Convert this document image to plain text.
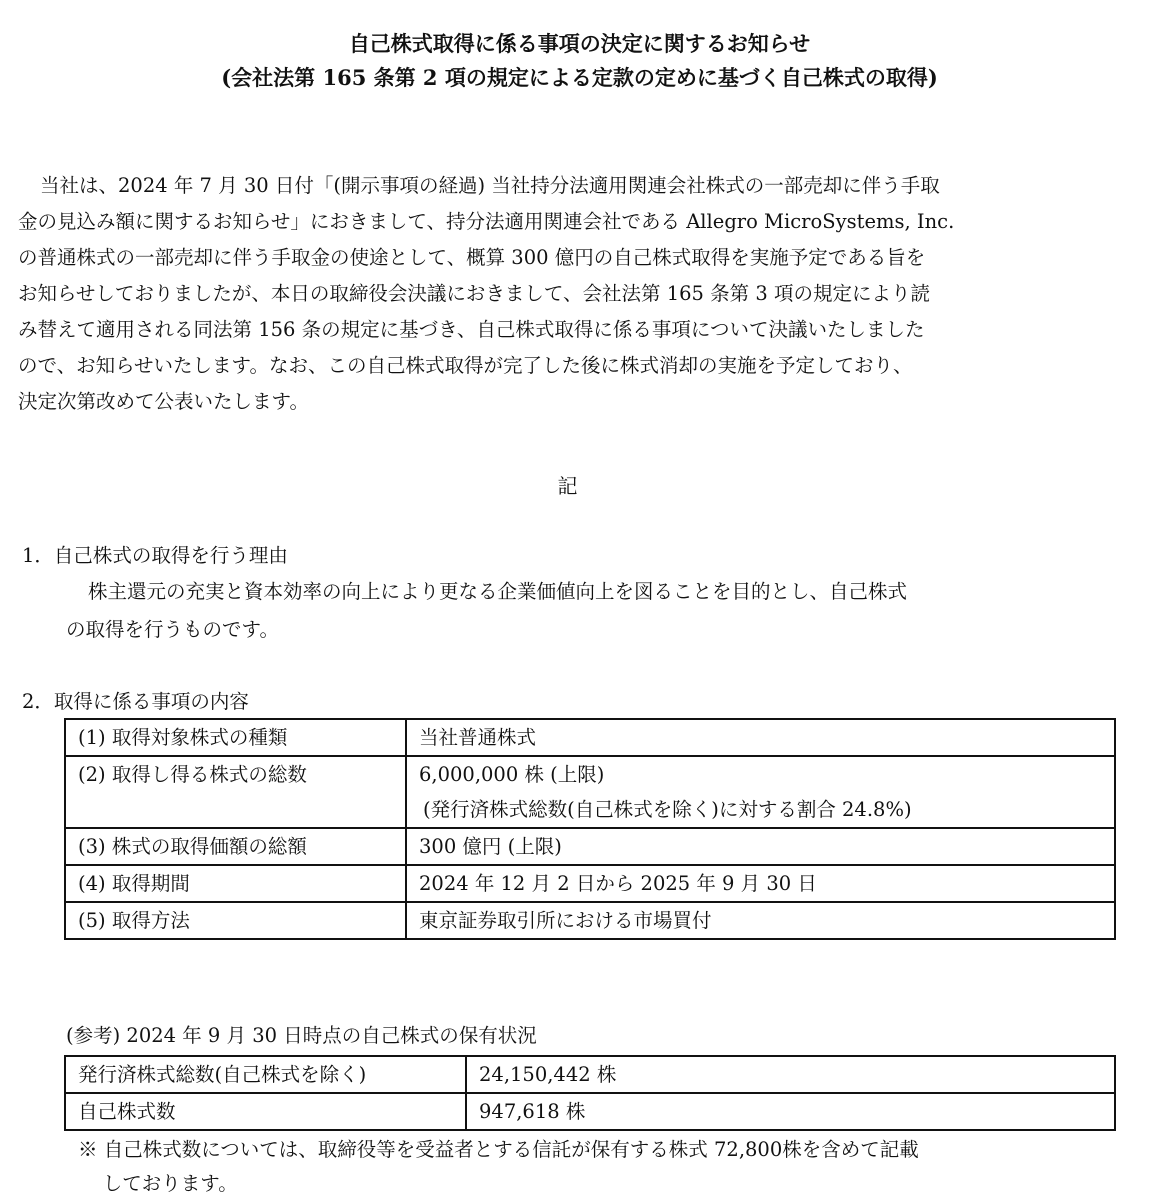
自己株式取得に係る事項の決定に関するお知らせ
(会社法第 165 条第 2 項の規定による定款の定めに基づく自己株式の取得)
当社は、2024 年 7 月 30 日付「(開示事項の経過) 当社持分法適用関連会社株式の一部売却に伴う手取
金の見込み額に関するお知らせ」におきまして、持分法適用関連会社である Allegro MicroSystems, Inc.
の普通株式の一部売却に伴う手取金の使途として、概算 300 億円の自己株式取得を実施予定である旨を
お知らせしておりましたが、本日の取締役会決議におきまして、会社法第 165 条第 3 項の規定により読
み替えて適用される同法第 156 条の規定に基づき、自己株式取得に係る事項について決議いたしました
ので、お知らせいたします。なお、この自己株式取得が完了した後に株式消却の実施を予定しており、
決定次第改めて公表いたします。
記
1．自己株式の取得を行う理由
株主還元の充実と資本効率の向上により更なる企業価値向上を図ることを目的とし、自己株式
の取得を行うものです。
2．取得に係る事項の内容
(1) 取得対象株式の種類	当社普通株式
(2) 取得し得る株式の総数	6,000,000 株 (上限)
(発行済株式総数(自己株式を除く)に対する割合 24.8%)

(3) 株式の取得価額の総額	300 億円 (上限)
(4) 取得期間	2024 年 12 月 2 日から 2025 年 9 月 30 日
(5) 取得方法	東京証券取引所における市場買付
(参考) 2024 年 9 月 30 日時点の自己株式の保有状況
発行済株式総数(自己株式を除く)	24,150,442 株
自己株式数	947,618 株
※ 自己株式数については、取締役等を受益者とする信託が保有する株式 72,800株を含めて記載
しております。
